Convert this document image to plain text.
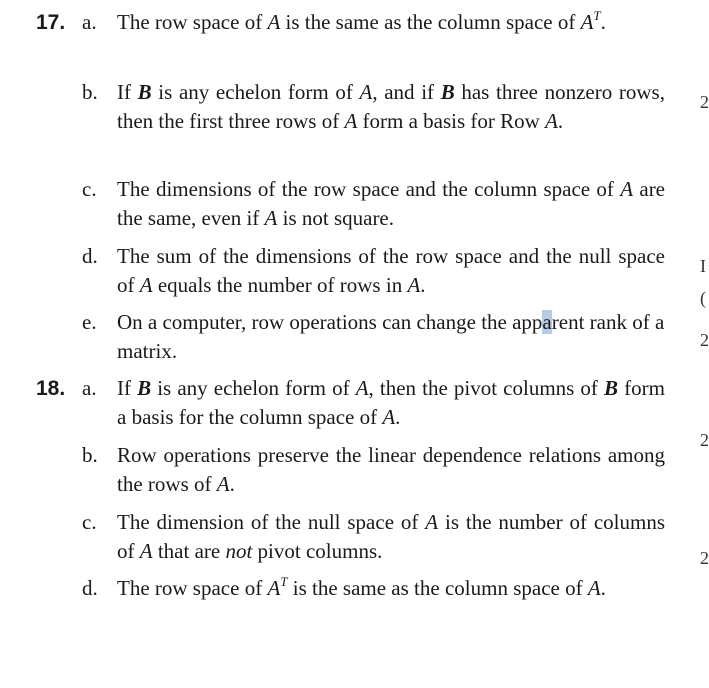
17. a. The row space of A is the same as the column space of $A^T$.
b. If B is any echelon form of A, and if B has three nonzero rows, then the first three rows of A form a basis for Row A.
c. The dimensions of the row space and the column space of A are the same, even if A is not square.
d. The sum of the dimensions of the row space and the null space of A equals the number of rows in A.
e. On a computer, row operations can change the apparent rank of a matrix.
18. a. If B is any echelon form of A, then the pivot columns of B form a basis for the column space of A.
b. Row operations preserve the linear dependence relations among the rows of A.
c. The dimension of the null space of A is the number of columns of A that are not pivot columns.
d. The row space of $A^T$ is the same as the column space of A.
2
I
(
2
2
2
